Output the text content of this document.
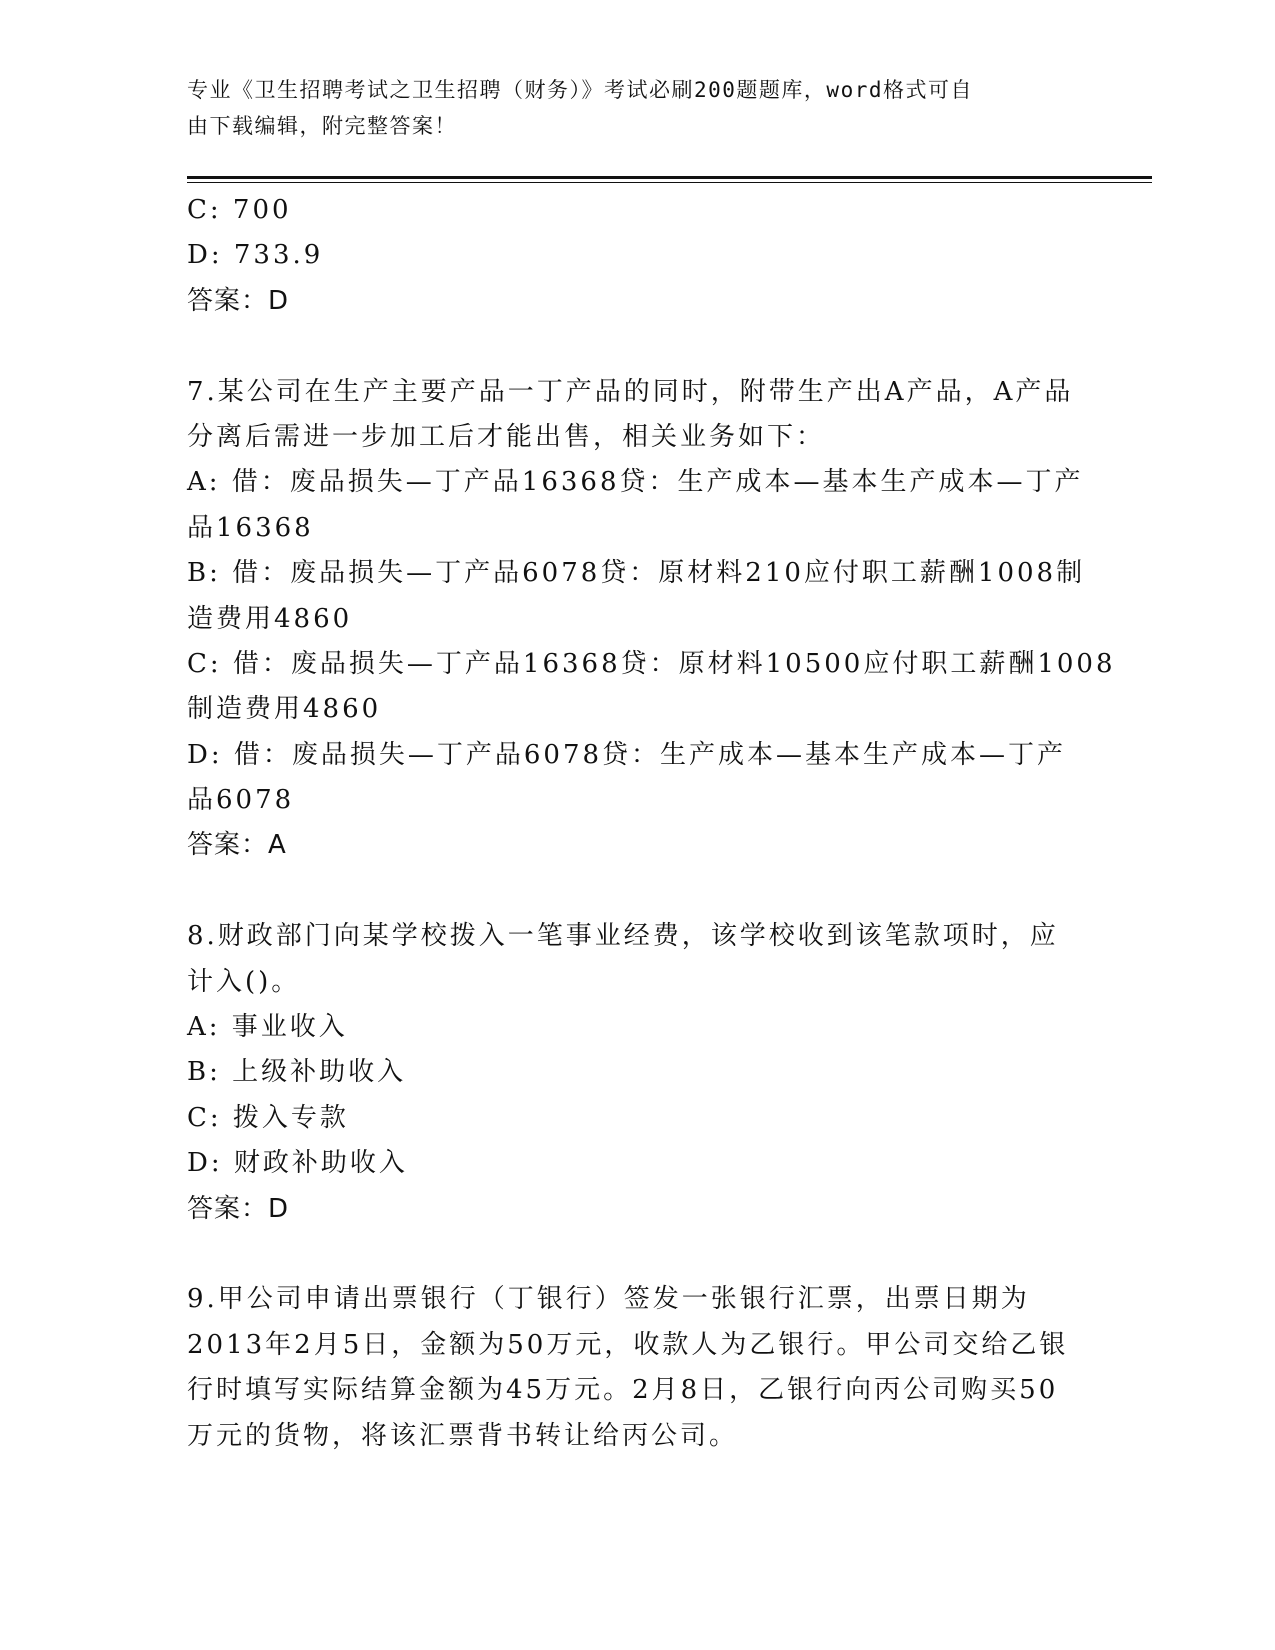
专业《卫生招聘考试之卫生招聘（财务）》考试必刷200题题库，word格式可自
由下载编辑，附完整答案！
C: 700
D: 733.9
答案：D
7.某公司在生产主要产品一丁产品的同时，附带生产出A产品，A产品
分离后需进一步加工后才能出售，相关业务如下：
A: 借：废品损失—丁产品16368贷：生产成本—基本生产成本—丁产
品16368
B: 借：废品损失—丁产品6078贷：原材料210应付职工薪酬1008制
造费用4860
C: 借：废品损失—丁产品16368贷：原材料10500应付职工薪酬1008
制造费用4860
D: 借：废品损失—丁产品6078贷：生产成本—基本生产成本—丁产
品6078
答案：A
8.财政部门向某学校拨入一笔事业经费，该学校收到该笔款项时，应
计入()。
A: 事业收入
B: 上级补助收入
C: 拨入专款
D: 财政补助收入
答案：D
9.甲公司申请出票银行（丁银行）签发一张银行汇票，出票日期为
2013年2月5日，金额为50万元，收款人为乙银行。甲公司交给乙银
行时填写实际结算金额为45万元。2月8日，乙银行向丙公司购买50
万元的货物，将该汇票背书转让给丙公司。
